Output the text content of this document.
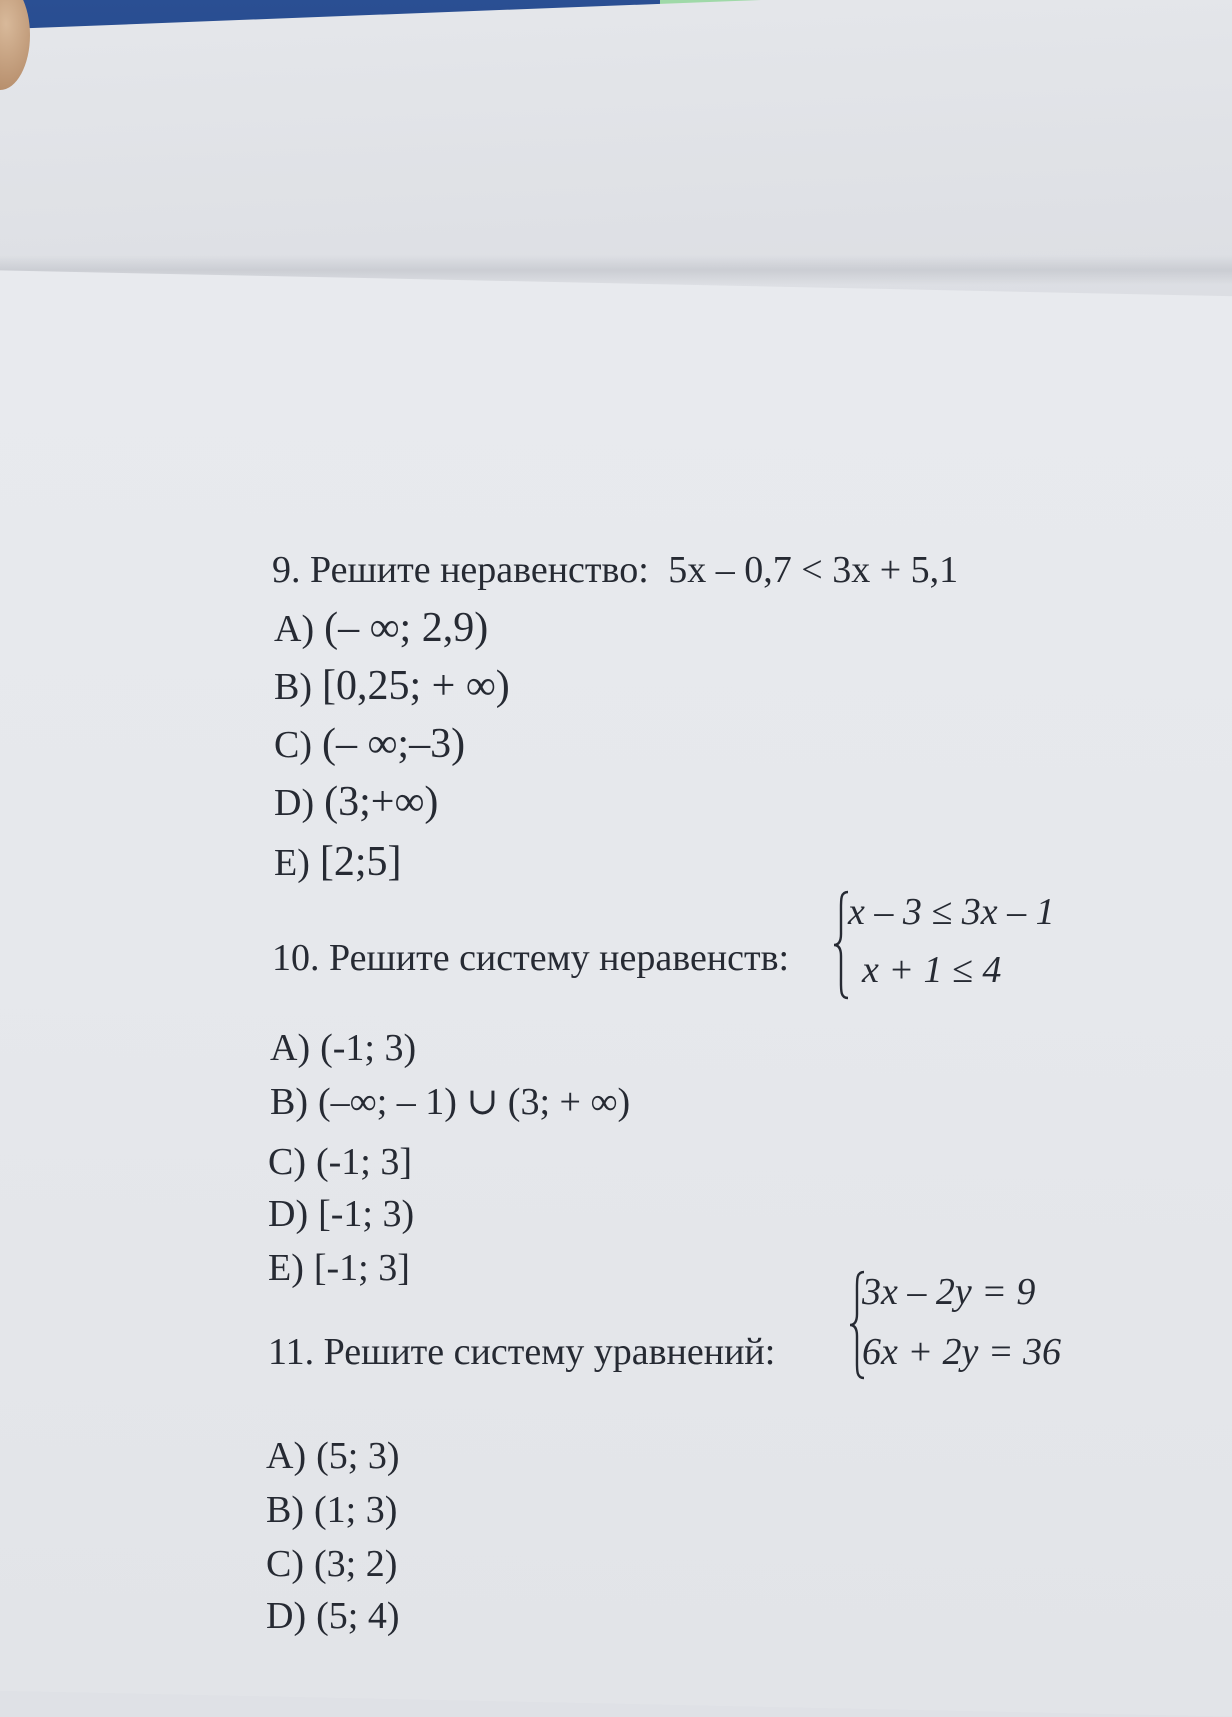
9. Решите неравенство: 5x – 0,7 < 3x + 5,1
A) (– ∞; 2,9)
B) [0,25; + ∞)
C) (– ∞;–3)
D) (3;+∞)
E) [2;5]
10. Решите систему неравенств:
x – 3 ≤ 3x – 1
x + 1 ≤ 4
A) (-1; 3)
B) (–∞; – 1) ∪ (3; + ∞)
C) (-1; 3]
D) [-1; 3)
E) [-1; 3]
11. Решите систему уравнений:
3x – 2y = 9
6x + 2y = 36
A) (5; 3)
B) (1; 3)
C) (3; 2)
D) (5; 4)
